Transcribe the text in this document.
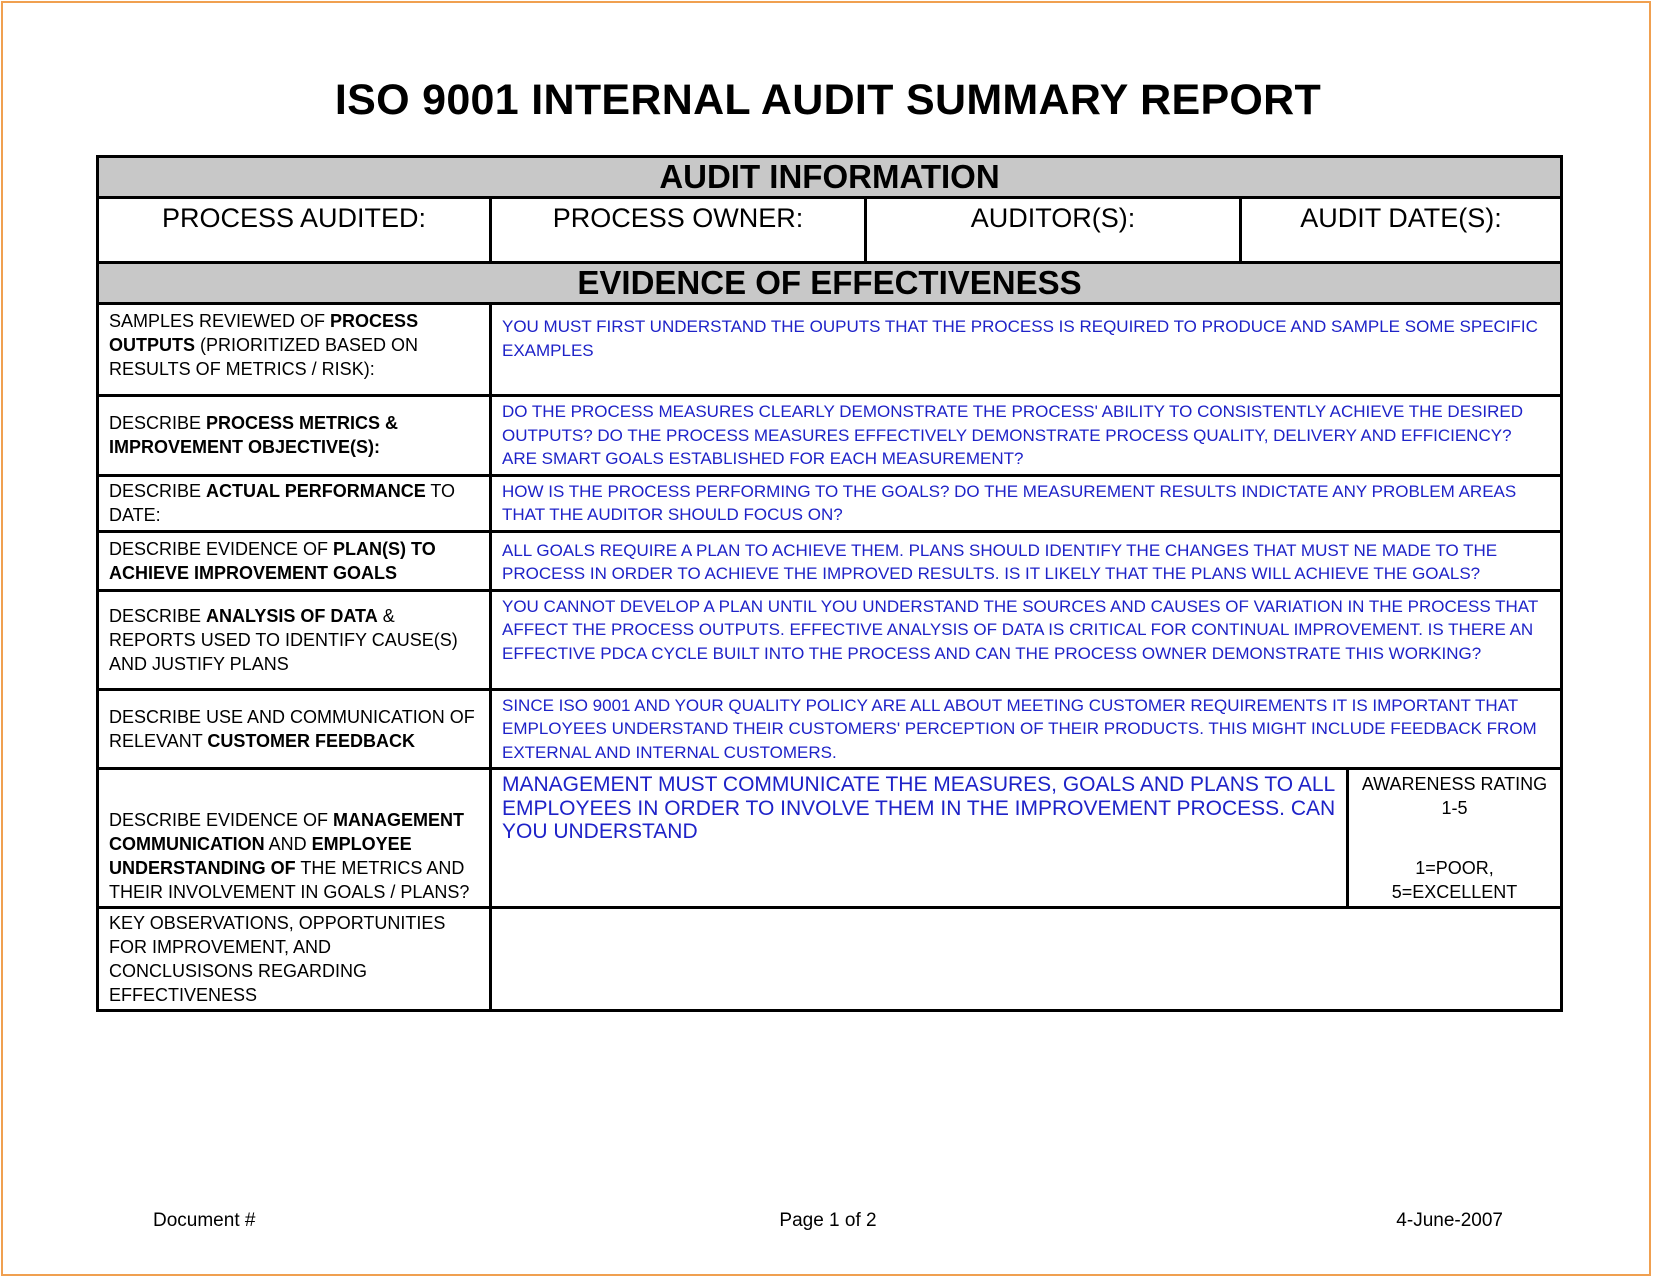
ISO 9001 INTERNAL AUDIT SUMMARY REPORT
AUDIT INFORMATION				
PROCESS AUDITED:	PROCESS OWNER:	AUDITOR(S):	AUDIT DATE(S):	
EVIDENCE OF EFFECTIVENESS				
SAMPLES REVIEWED OF PROCESS OUTPUTS (PRIORITIZED BASED ON RESULTS OF METRICS / RISK):	YOU MUST FIRST UNDERSTAND THE OUPUTS THAT THE PROCESS IS REQUIRED TO PRODUCE AND SAMPLE SOME SPECIFIC EXAMPLES			
DESCRIBE PROCESS METRICS & IMPROVEMENT OBJECTIVE(S):	DO THE PROCESS MEASURES CLEARLY DEMONSTRATE THE PROCESS' ABILITY TO CONSISTENTLY ACHIEVE THE DESIRED OUTPUTS? DO THE PROCESS MEASURES EFFECTIVELY DEMONSTRATE PROCESS QUALITY, DELIVERY AND EFFICIENCY? ARE SMART GOALS ESTABLISHED FOR EACH MEASUREMENT?			
DESCRIBE ACTUAL PERFORMANCE TO DATE:	HOW IS THE PROCESS PERFORMING TO THE GOALS? DO THE MEASUREMENT RESULTS INDICTATE ANY PROBLEM AREAS THAT THE AUDITOR SHOULD FOCUS ON?			
DESCRIBE EVIDENCE OF PLAN(S) TO ACHIEVE IMPROVEMENT GOALS	ALL GOALS REQUIRE A PLAN TO ACHIEVE THEM. PLANS SHOULD IDENTIFY THE CHANGES THAT MUST NE MADE TO THE PROCESS IN ORDER TO ACHIEVE THE IMPROVED RESULTS. IS IT LIKELY THAT THE PLANS WILL ACHIEVE THE GOALS?			
DESCRIBE ANALYSIS OF DATA & REPORTS USED TO IDENTIFY CAUSE(S) AND JUSTIFY PLANS	YOU CANNOT DEVELOP A PLAN UNTIL YOU UNDERSTAND THE SOURCES AND CAUSES OF VARIATION IN THE PROCESS THAT AFFECT THE PROCESS OUTPUTS. EFFECTIVE ANALYSIS OF DATA IS CRITICAL FOR CONTINUAL IMPROVEMENT. IS THERE AN EFFECTIVE PDCA CYCLE BUILT INTO THE PROCESS AND CAN THE PROCESS OWNER DEMONSTRATE THIS WORKING?			
DESCRIBE USE AND COMMUNICATION OF RELEVANT CUSTOMER FEEDBACK	SINCE ISO 9001 AND YOUR QUALITY POLICY ARE ALL ABOUT MEETING CUSTOMER REQUIREMENTS IT IS IMPORTANT THAT EMPLOYEES UNDERSTAND THEIR CUSTOMERS' PERCEPTION OF THEIR PRODUCTS. THIS MIGHT INCLUDE FEEDBACK FROM EXTERNAL AND INTERNAL CUSTOMERS.			
DESCRIBE EVIDENCE OF MANAGEMENT COMMUNICATION AND EMPLOYEE UNDERSTANDING OF THE METRICS AND THEIR INVOLVEMENT IN GOALS / PLANS?	MANAGEMENT MUST COMMUNICATE THE MEASURES, GOALS AND PLANS TO ALL EMPLOYEES IN ORDER TO INVOLVE THEM IN THE IMPROVEMENT PROCESS. CAN YOU UNDERSTAND			AWARENESS RATING 1-5
1=POOR,
5=EXCELLENT

KEY OBSERVATIONS, OPPORTUNITIES FOR IMPROVEMENT, AND CONCLUSISONS REGARDING EFFECTIVENESS				
Document #	Page 1 of 2	4-June-2007
